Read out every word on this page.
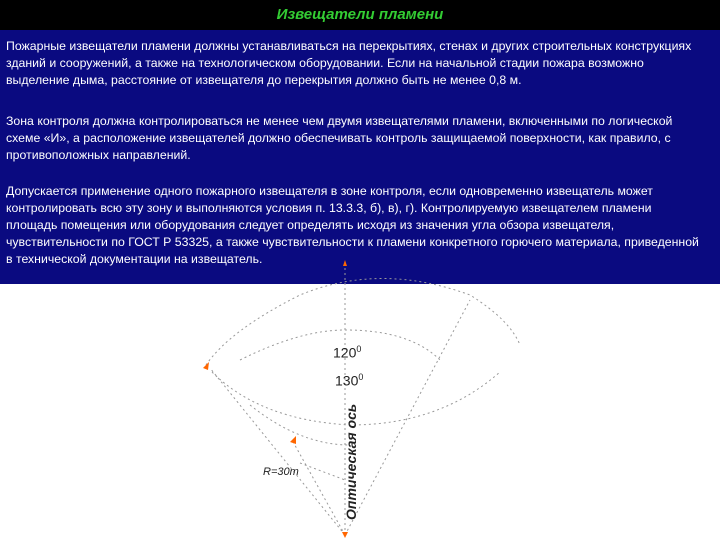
Извещатели пламени
Пожарные извещатели пламени должны устанавливаться на перекрытиях, стенах и других строительных конструкциях зданий и сооружений, а также на технологическом оборудовании. Если на начальной стадии пожара возможно выделение дыма, расстояние от извещателя до перекрытия должно быть не менее 0,8 м.
Зона контроля должна контролироваться не менее чем двумя извещателями пламени, включенными по логической схеме «И», а расположение извещателей должно обеспечивать контроль защищаемой поверхности, как правило, с противоположных направлений.
Допускается применение одного пожарного извещателя в зоне контроля, если одновременно извещатель может контролировать всю эту зону и выполняются условия п. 13.3.3, б), в), г). Контролируемую извещателем пламени площадь помещения или оборудования следует определять исходя из значения угла обзора извещателя, чувствительности по ГОСТ Р 53325, а также чувствительности к пламени конкретного горючего материала, приведенной в технической документации на извещатель.
Оптическая ось
$120^0$
$130^0$
R=30m
